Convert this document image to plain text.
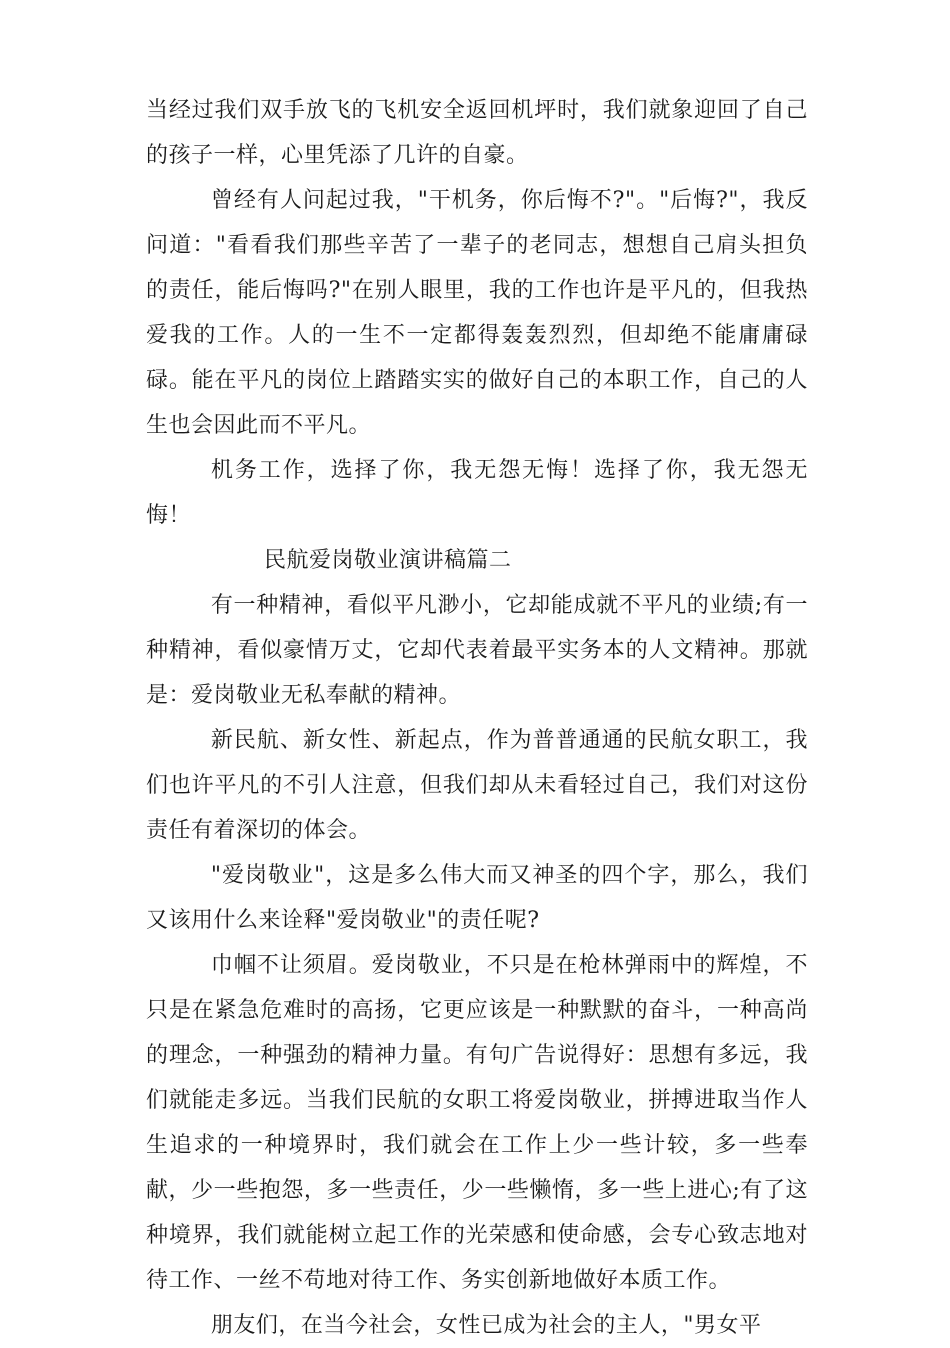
当经过我们双手放飞的飞机安全返回机坪时，我们就象迎回了自己的孩子一样，心里凭添了几许的自豪。

曾经有人问起过我，"干机务，你后悔不?"。"后悔?"，我反问道："看看我们那些辛苦了一辈子的老同志，想想自己肩头担负的责任，能后悔吗?"在别人眼里，我的工作也许是平凡的，但我热爱我的工作。人的一生不一定都得轰轰烈烈，但却绝不能庸庸碌碌。能在平凡的岗位上踏踏实实的做好自己的本职工作，自己的人生也会因此而不平凡。

机务工作，选择了你，我无怨无悔！选择了你，我无怨无悔！

民航爱岗敬业演讲稿篇二

有一种精神，看似平凡渺小，它却能成就不平凡的业绩;有一种精神，看似豪情万丈，它却代表着最平实务本的人文精神。那就是：爱岗敬业无私奉献的精神。

新民航、新女性、新起点，作为普普通通的民航女职工，我们也许平凡的不引人注意，但我们却从未看轻过自己，我们对这份责任有着深切的体会。

"爱岗敬业"，这是多么伟大而又神圣的四个字，那么，我们又该用什么来诠释"爱岗敬业"的责任呢?

巾帼不让须眉。爱岗敬业，不只是在枪林弹雨中的辉煌，不只是在紧急危难时的高扬，它更应该是一种默默的奋斗，一种高尚的理念，一种强劲的精神力量。有句广告说得好：思想有多远，我们就能走多远。当我们民航的女职工将爱岗敬业，拼搏进取当作人生追求的一种境界时，我们就会在工作上少一些计较，多一些奉献，少一些抱怨，多一些责任，少一些懒惰，多一些上进心;有了这种境界，我们就能树立起工作的光荣感和使命感，会专心致志地对待工作、一丝不苟地对待工作、务实创新地做好本质工作。

朋友们，在当今社会，女性已成为社会的主人，"男女平
